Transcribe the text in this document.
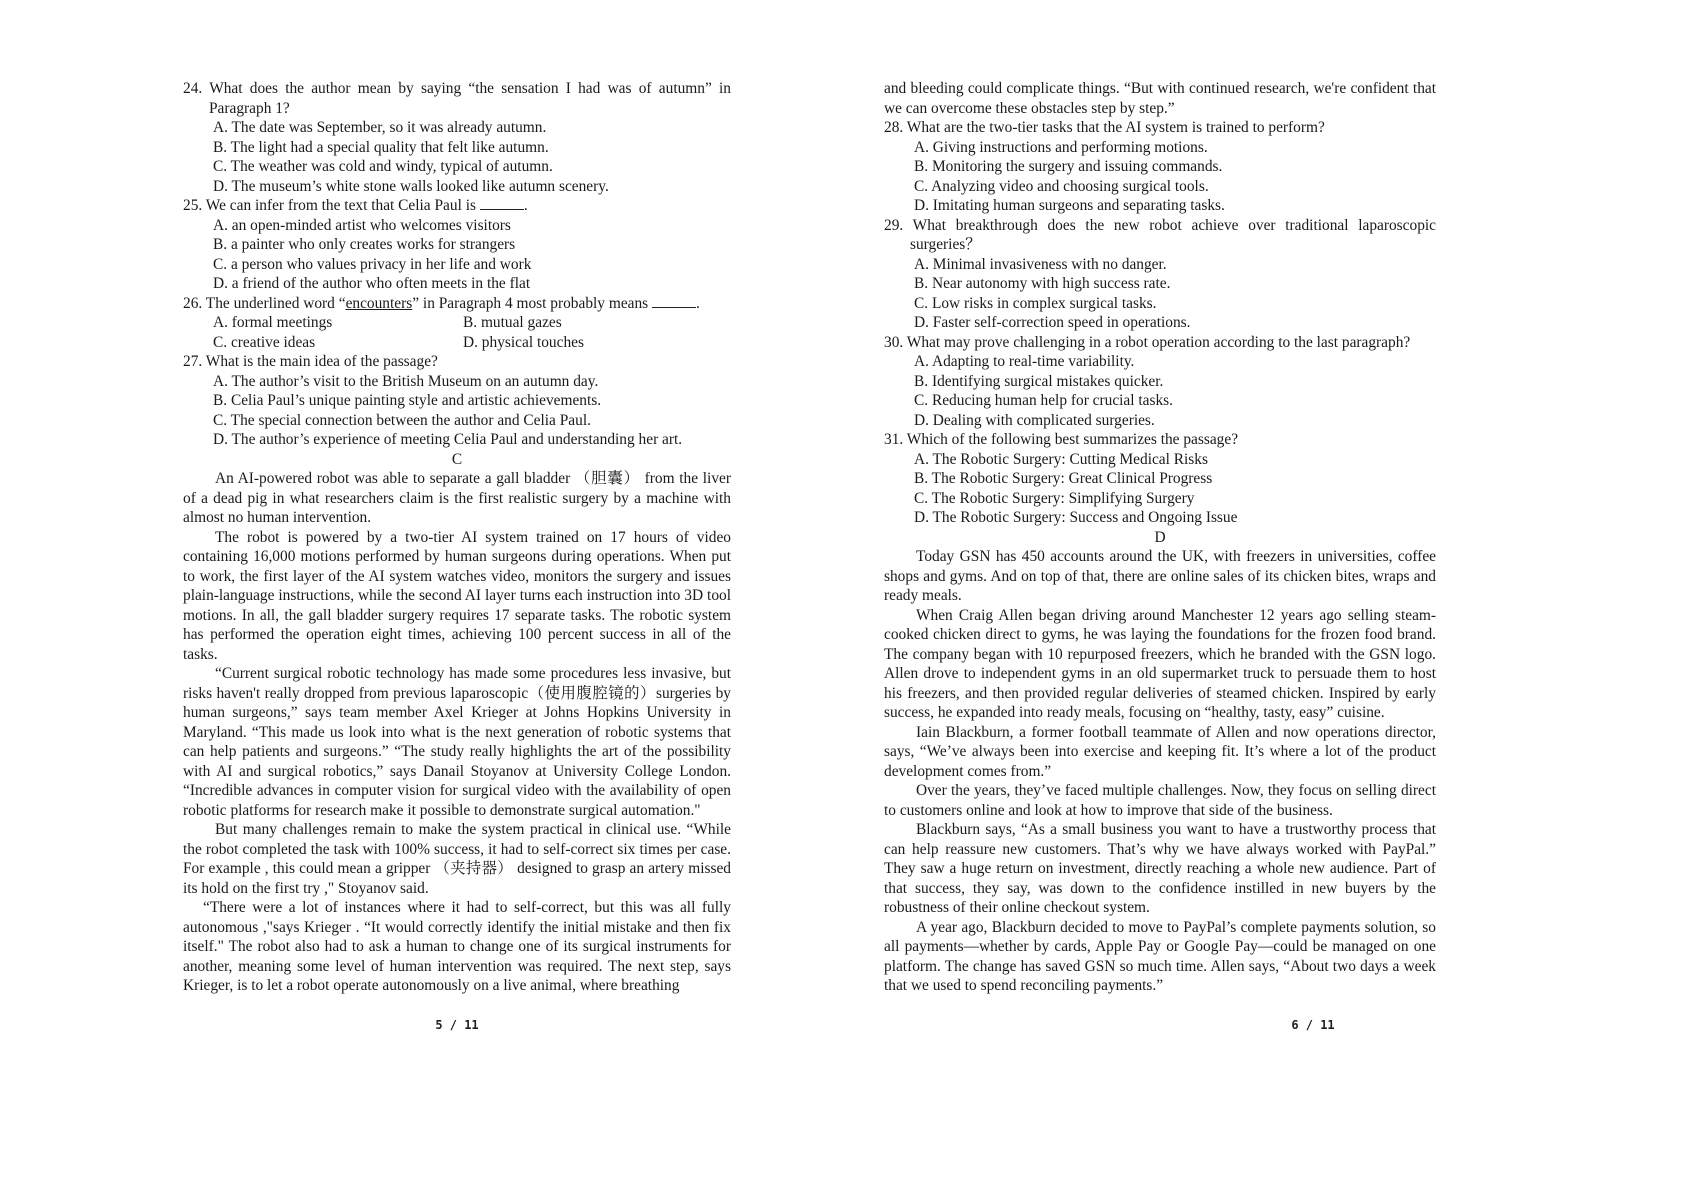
24. What does the author mean by saying “the sensation I had was of autumn” in Paragraph 1?

A. The date was September, so it was already autumn.

B. The light had a special quality that felt like autumn.

C. The weather was cold and windy, typical of autumn.

D. The museum’s white stone walls looked like autumn scenery.

25. We can infer from the text that Celia Paul is	.

A. an open-minded artist who welcomes visitors

B. a painter who only creates works for strangers

C. a person who values privacy in her life and work

D. a friend of the author who often meets in the flat

26. The underlined word “encounters” in Paragraph 4 most probably means	.

A. formal meetings	B. mutual gazes
C. creative ideas	D. physical touches

27. What is the main idea of the passage?

A. The author’s visit to the British Museum on an autumn day.

B. Celia Paul’s unique painting style and artistic achievements.

C. The special connection between the author and Celia Paul.

D. The author’s experience of meeting Celia Paul and understanding her art.

C

An AI-powered robot was able to separate a gall bladder （胆囊） from the liver of a dead pig in what researchers claim is the first realistic surgery by a machine with almost no human intervention.

The robot is powered by a two-tier AI system trained on 17 hours of video containing 16,000 motions performed by human surgeons during operations. When put to work, the first layer of the AI system watches video, monitors the surgery and issues plain-language instructions, while the second AI layer turns each instruction into 3D tool motions. In all, the gall bladder surgery requires 17 separate tasks. The robotic system has performed the operation eight times, achieving 100 percent success in all of the tasks.

“Current surgical robotic technology has made some procedures less invasive, but risks haven't really dropped from previous laparoscopic（使用腹腔镜的）surgeries by human surgeons,” says team member Axel Krieger at Johns Hopkins University in Maryland. “This made us look into what is the next generation of robotic systems that can help patients and surgeons.” “The study really highlights the art of the possibility with AI and surgical robotics,” says Danail Stoyanov at University College London. “Incredible advances in computer vision for surgical video with the availability of open robotic platforms for research make it possible to demonstrate surgical automation."

But many challenges remain to make the system practical in clinical use. “While the robot completed the task with 100% success, it had to self-correct six times per case. For example , this could mean a gripper （夹持器） designed to grasp an artery missed its hold on the first try ," Stoyanov said.

“There were a lot of instances where it had to self-correct, but this was all fully autonomous ,"says Krieger . “It would correctly identify the initial mistake and then fix itself." The robot also had to ask a human to change one of its surgical instruments for another, meaning some level of human intervention was required. The next step, says Krieger, is to let a robot operate autonomously on a live animal, where breathing

5 / 11

and bleeding could complicate things. “But with continued research, we're confident that we can overcome these obstacles step by step.”

28. What are the two-tier tasks that the AI system is trained to perform?

A. Giving instructions and performing motions.

B. Monitoring the surgery and issuing commands.

C. Analyzing video and choosing surgical tools.

D. Imitating human surgeons and separating tasks.

29. What breakthrough does the new robot achieve over traditional laparoscopic surgeries？

A. Minimal invasiveness with no danger.

B. Near autonomy with high success rate.

C. Low risks in complex surgical tasks.

D. Faster self-correction speed in operations.

30. What may prove challenging in a robot operation according to the last paragraph?

A. Adapting to real-time variability.

B. Identifying surgical mistakes quicker.

C. Reducing human help for crucial tasks.

D. Dealing with complicated surgeries.

31. Which of the following best summarizes the passage?

A. The Robotic Surgery: Cutting Medical Risks

B. The Robotic Surgery: Great Clinical Progress

C. The Robotic Surgery: Simplifying Surgery

D. The Robotic Surgery: Success and Ongoing Issue

D

Today GSN has 450 accounts around the UK, with freezers in universities, coffee shops and gyms. And on top of that, there are online sales of its chicken bites, wraps and ready meals.

When Craig Allen began driving around Manchester 12 years ago selling steam-cooked chicken direct to gyms, he was laying the foundations for the frozen food brand. The company began with 10 repurposed freezers, which he branded with the GSN logo. Allen drove to independent gyms in an old supermarket truck to persuade them to host his freezers, and then provided regular deliveries of steamed chicken. Inspired by early success, he expanded into ready meals, focusing on “healthy, tasty, easy” cuisine.

Iain Blackburn, a former football teammate of Allen and now operations director, says, “We’ve always been into exercise and keeping fit. It’s where a lot of the product development comes from.”

Over the years, they’ve faced multiple challenges. Now, they focus on selling direct to customers online and look at how to improve that side of the business.

Blackburn says, “As a small business you want to have a trustworthy process that can help reassure new customers. That’s why we have always worked with PayPal.” They saw a huge return on investment, directly reaching a whole new audience. Part of that success, they say, was down to the confidence instilled in new buyers by the robustness of their online checkout system.

A year ago, Blackburn decided to move to PayPal’s complete payments solution, so all payments—whether by cards, Apple Pay or Google Pay—could be managed on one platform. The change has saved GSN so much time. Allen says, “About two days a week that we used to spend reconciling payments.”

6 / 11
